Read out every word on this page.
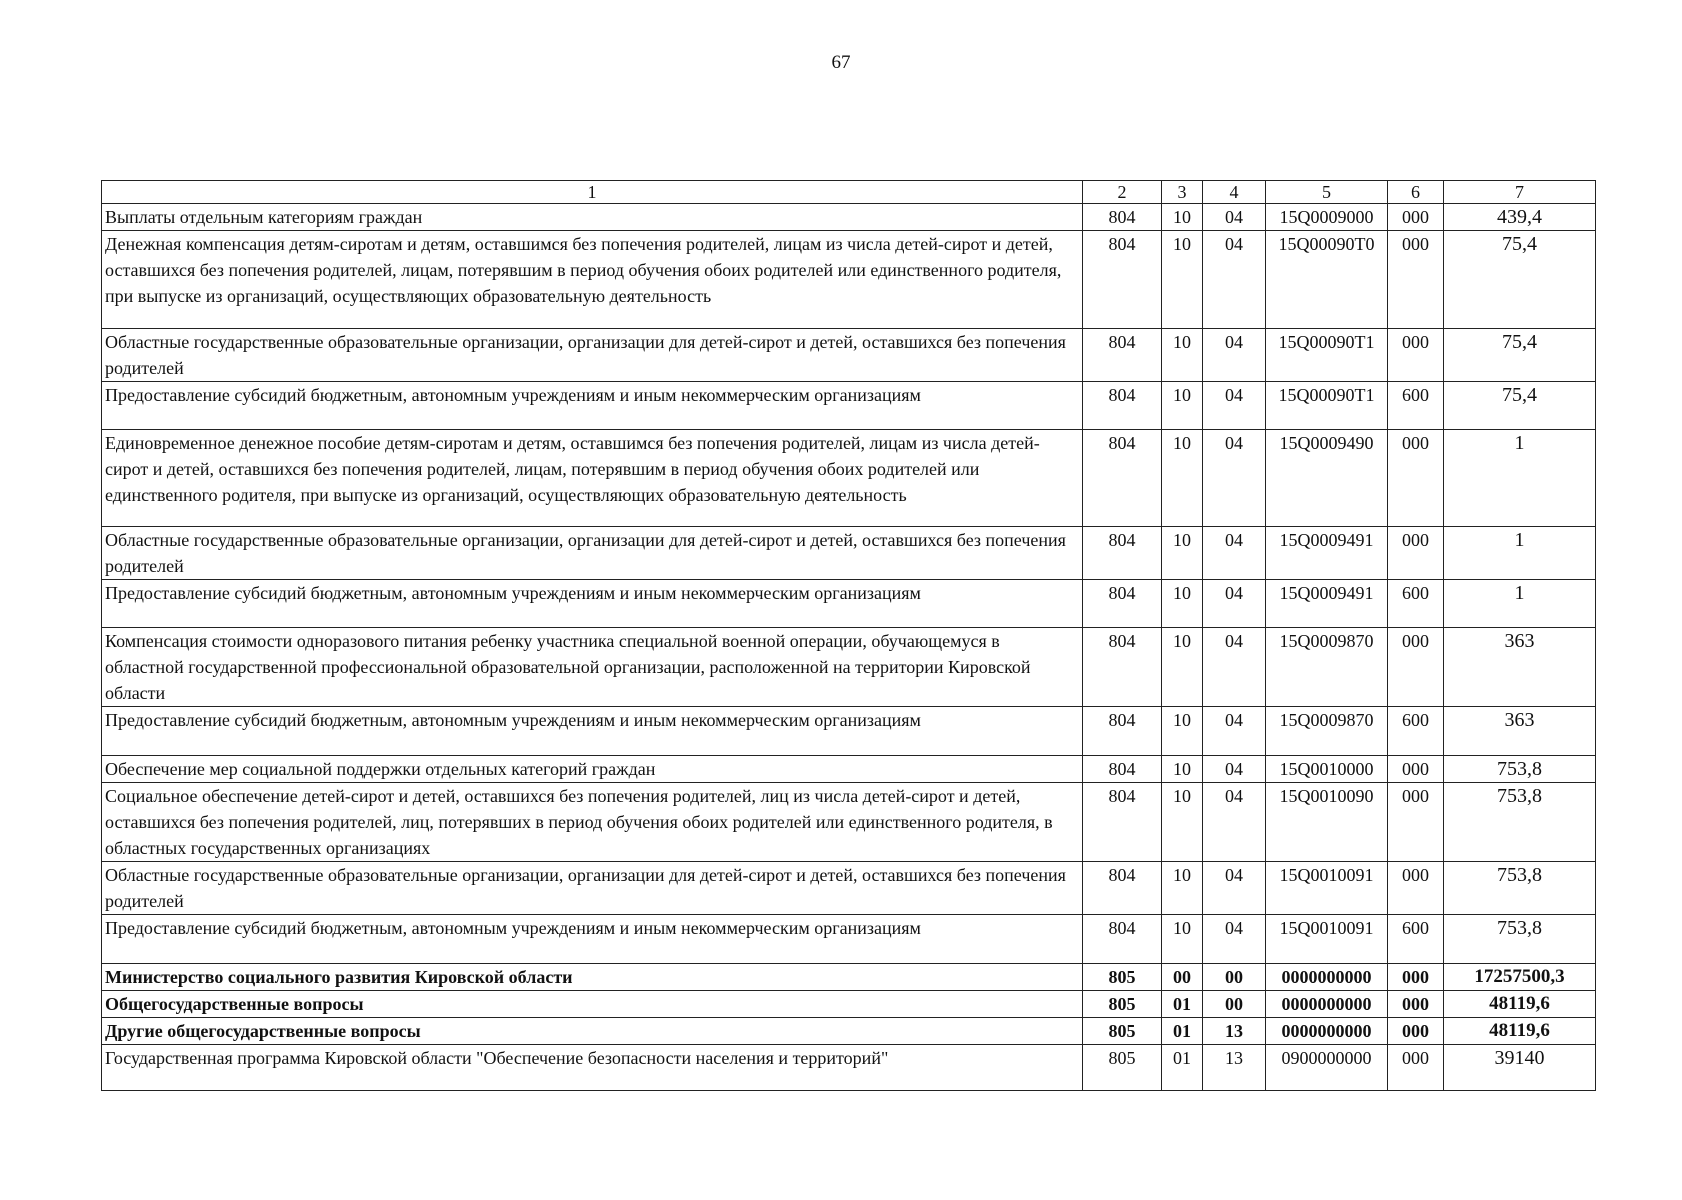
67
1	2	3	4	5	6	7
Выплаты отдельным категориям граждан	804	10	04	15Q0009000	000	439,4
Денежная компенсация детям-сиротам и детям, оставшимся без попечения родителей, лицам из числа детей-сирот и детей, оставшихся без попечения родителей, лицам, потерявшим в период обучения обоих родителей или единственного родителя, при выпуске из организаций, осуществляющих образовательную деятельность	804	10	04	15Q00090T0	000	75,4
Областные государственные образовательные организации, организации для детей-сирот и детей, оставшихся без попечения родителей	804	10	04	15Q00090T1	000	75,4
Предоставление субсидий бюджетным, автономным учреждениям и иным некоммерческим организациям	804	10	04	15Q00090T1	600	75,4
Единовременное денежное пособие детям-сиротам и детям, оставшимся без попечения родителей, лицам из числа детей-сирот и детей, оставшихся без попечения родителей, лицам, потерявшим в период обучения обоих родителей или единственного родителя, при выпуске из организаций, осуществляющих образовательную деятельность	804	10	04	15Q0009490	000	1
Областные государственные образовательные организации, организации для детей-сирот и детей, оставшихся без попечения родителей	804	10	04	15Q0009491	000	1
Предоставление субсидий бюджетным, автономным учреждениям и иным некоммерческим организациям	804	10	04	15Q0009491	600	1
Компенсация стоимости одноразового питания ребенку участника специальной военной операции, обучающемуся в областной государственной профессиональной образовательной организации, расположенной на территории Кировской области	804	10	04	15Q0009870	000	363
Предоставление субсидий бюджетным, автономным учреждениям и иным некоммерческим организациям	804	10	04	15Q0009870	600	363
Обеспечение мер социальной поддержки отдельных категорий граждан	804	10	04	15Q0010000	000	753,8
Социальное обеспечение детей-сирот и детей, оставшихся без попечения родителей, лиц из числа детей-сирот и детей, оставшихся без попечения родителей, лиц, потерявших в период обучения обоих родителей или единственного родителя, в областных государственных организациях	804	10	04	15Q0010090	000	753,8
Областные государственные образовательные организации, организации для детей-сирот и детей, оставшихся без попечения родителей	804	10	04	15Q0010091	000	753,8
Предоставление субсидий бюджетным, автономным учреждениям и иным некоммерческим организациям	804	10	04	15Q0010091	600	753,8
Министерство социального развития Кировской области	805	00	00	0000000000	000	17257500,3
Общегосударственные вопросы	805	01	00	0000000000	000	48119,6
Другие общегосударственные вопросы	805	01	13	0000000000	000	48119,6
Государственная программа Кировской области "Обеспечение безопасности населения и территорий"	805	01	13	0900000000	000	39140
